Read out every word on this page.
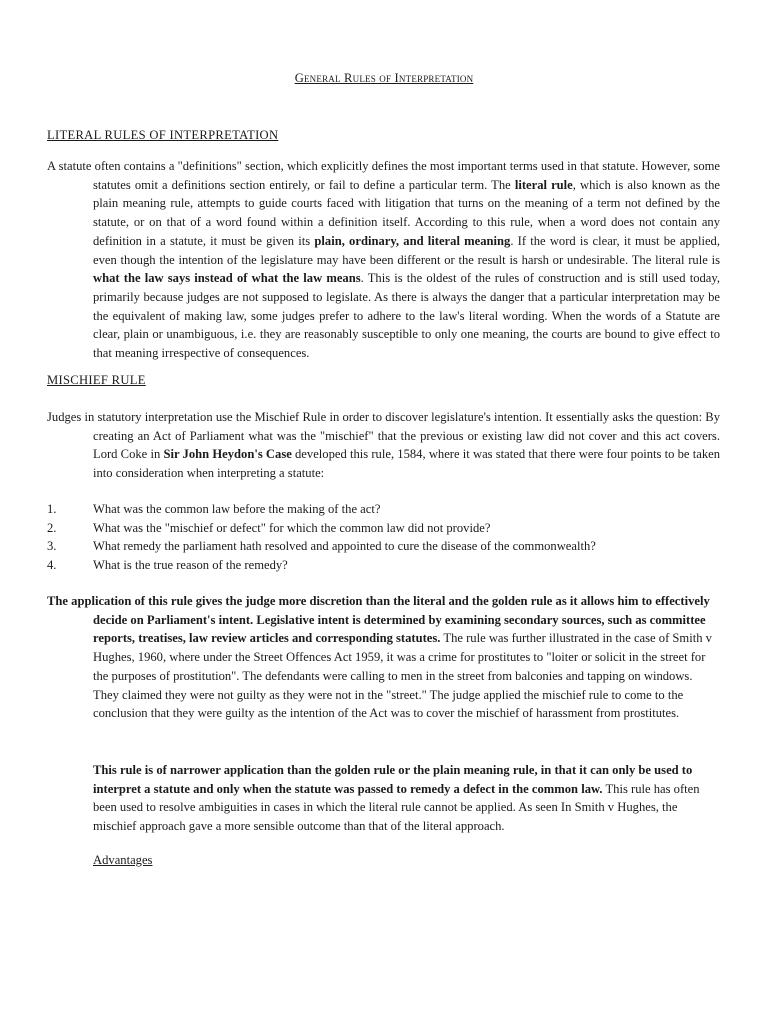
General Rules of Interpretation
LITERAL RULES OF INTERPRETATION
A statute often contains a "definitions" section, which explicitly defines the most important terms used in that statute. However, some statutes omit a definitions section entirely, or fail to define a particular term. The literal rule, which is also known as the plain meaning rule, attempts to guide courts faced with litigation that turns on the meaning of a term not defined by the statute, or on that of a word found within a definition itself. According to this rule, when a word does not contain any definition in a statute, it must be given its plain, ordinary, and literal meaning. If the word is clear, it must be applied, even though the intention of the legislature may have been different or the result is harsh or undesirable. The literal rule is what the law says instead of what the law means. This is the oldest of the rules of construction and is still used today, primarily because judges are not supposed to legislate. As there is always the danger that a particular interpretation may be the equivalent of making law, some judges prefer to adhere to the law's literal wording. When the words of a Statute are clear, plain or unambiguous, i.e. they are reasonably susceptible to only one meaning, the courts are bound to give effect to that meaning irrespective of consequences.
MISCHIEF RULE
Judges in statutory interpretation use the Mischief Rule in order to discover legislature's intention. It essentially asks the question: By creating an Act of Parliament what was the "mischief" that the previous or existing law did not cover and this act covers. Lord Coke in Sir John Heydon's Case developed this rule, 1584, where it was stated that there were four points to be taken into consideration when interpreting a statute:
1.	What was the common law before the making of the act?
2.	What was the "mischief or defect" for which the common law did not provide?
3.	What remedy the parliament hath resolved and appointed to cure the disease of the commonwealth?
4.	What is the true reason of the remedy?
The application of this rule gives the judge more discretion than the literal and the golden rule as it allows him to effectively decide on Parliament's intent. Legislative intent is determined by examining secondary sources, such as committee reports, treatises, law review articles and corresponding statutes. The rule was further illustrated in the case of Smith v Hughes, 1960, where under the Street Offences Act 1959, it was a crime for prostitutes to "loiter or solicit in the street for the purposes of prostitution". The defendants were calling to men in the street from balconies and tapping on windows. They claimed they were not guilty as they were not in the "street." The judge applied the mischief rule to come to the conclusion that they were guilty as the intention of the Act was to cover the mischief of harassment from prostitutes.
This rule is of narrower application than the golden rule or the plain meaning rule, in that it can only be used to interpret a statute and only when the statute was passed to remedy a defect in the common law. This rule has often been used to resolve ambiguities in cases in which the literal rule cannot be applied. As seen In Smith v Hughes, the mischief approach gave a more sensible outcome than that of the literal approach.
Advantages
